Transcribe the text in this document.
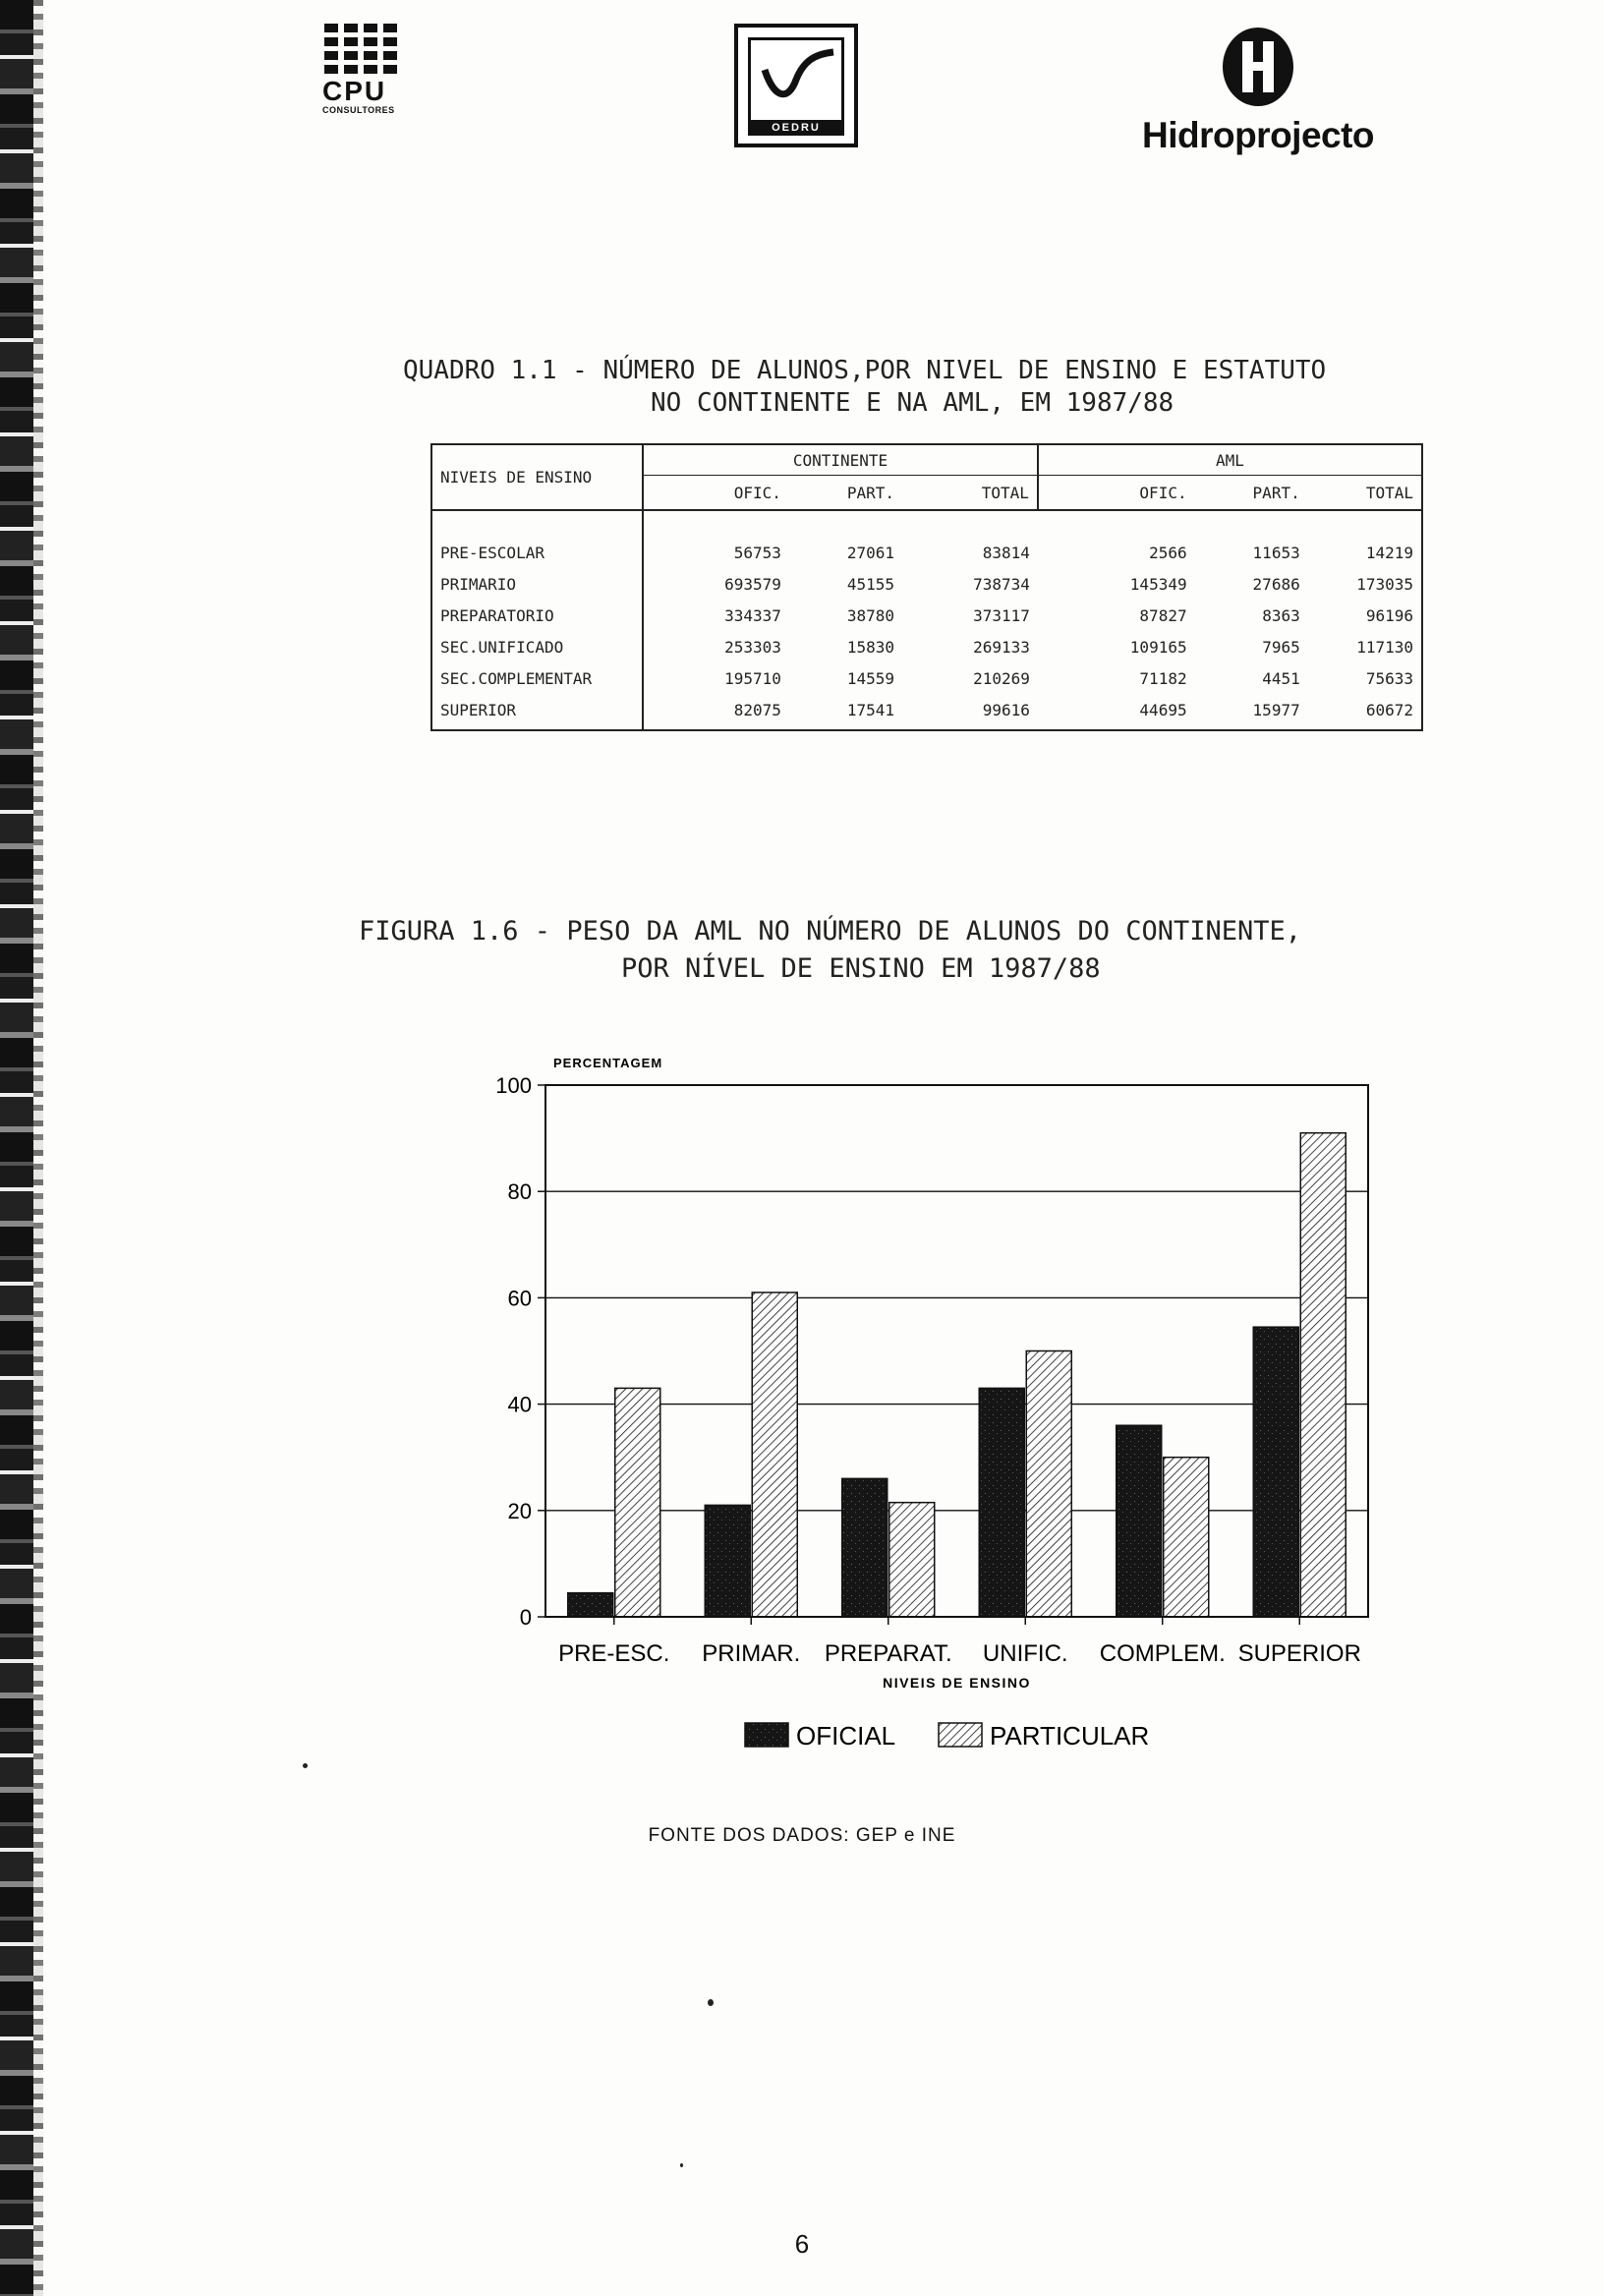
CPU
CONSULTORES
OEDRU	Hidroprojecto
QUADRO 1.1 - NÚMERO DE ALUNOS,POR NIVEL DE ENSINO E ESTATUTO
NO CONTINENTE E NA AML, EM 1987/88
NIVEIS DE ENSINO	CONTINENTE			AML		
	OFIC.	PART.	TOTAL	OFIC.	PART.	TOTAL
PRE-ESCOLAR	56753	27061	83814	2566	11653	14219
PRIMARIO	693579	45155	738734	145349	27686	173035
PREPARATORIO	334337	38780	373117	87827	8363	96196
SEC.UNIFICADO	253303	15830	269133	109165	7965	117130
SEC.COMPLEMENTAR	195710	14559	210269	71182	4451	75633
SUPERIOR	82075	17541	99616	44695	15977	60672
FIGURA 1.6 - PESO DA AML NO NÚMERO DE ALUNOS DO CONTINENTE,
POR NÍVEL DE ENSINO EM 1987/88
0
20
40
60
80
100
PRE-ESC. PRIMAR. PREPARAT. UNIFIC. COMPLEM. SUPERIOR
PERCENTAGEM
NIVEIS DE ENSINO
OFICIAL	PARTICULAR
FONTE DOS DADOS: GEP e INE
6
